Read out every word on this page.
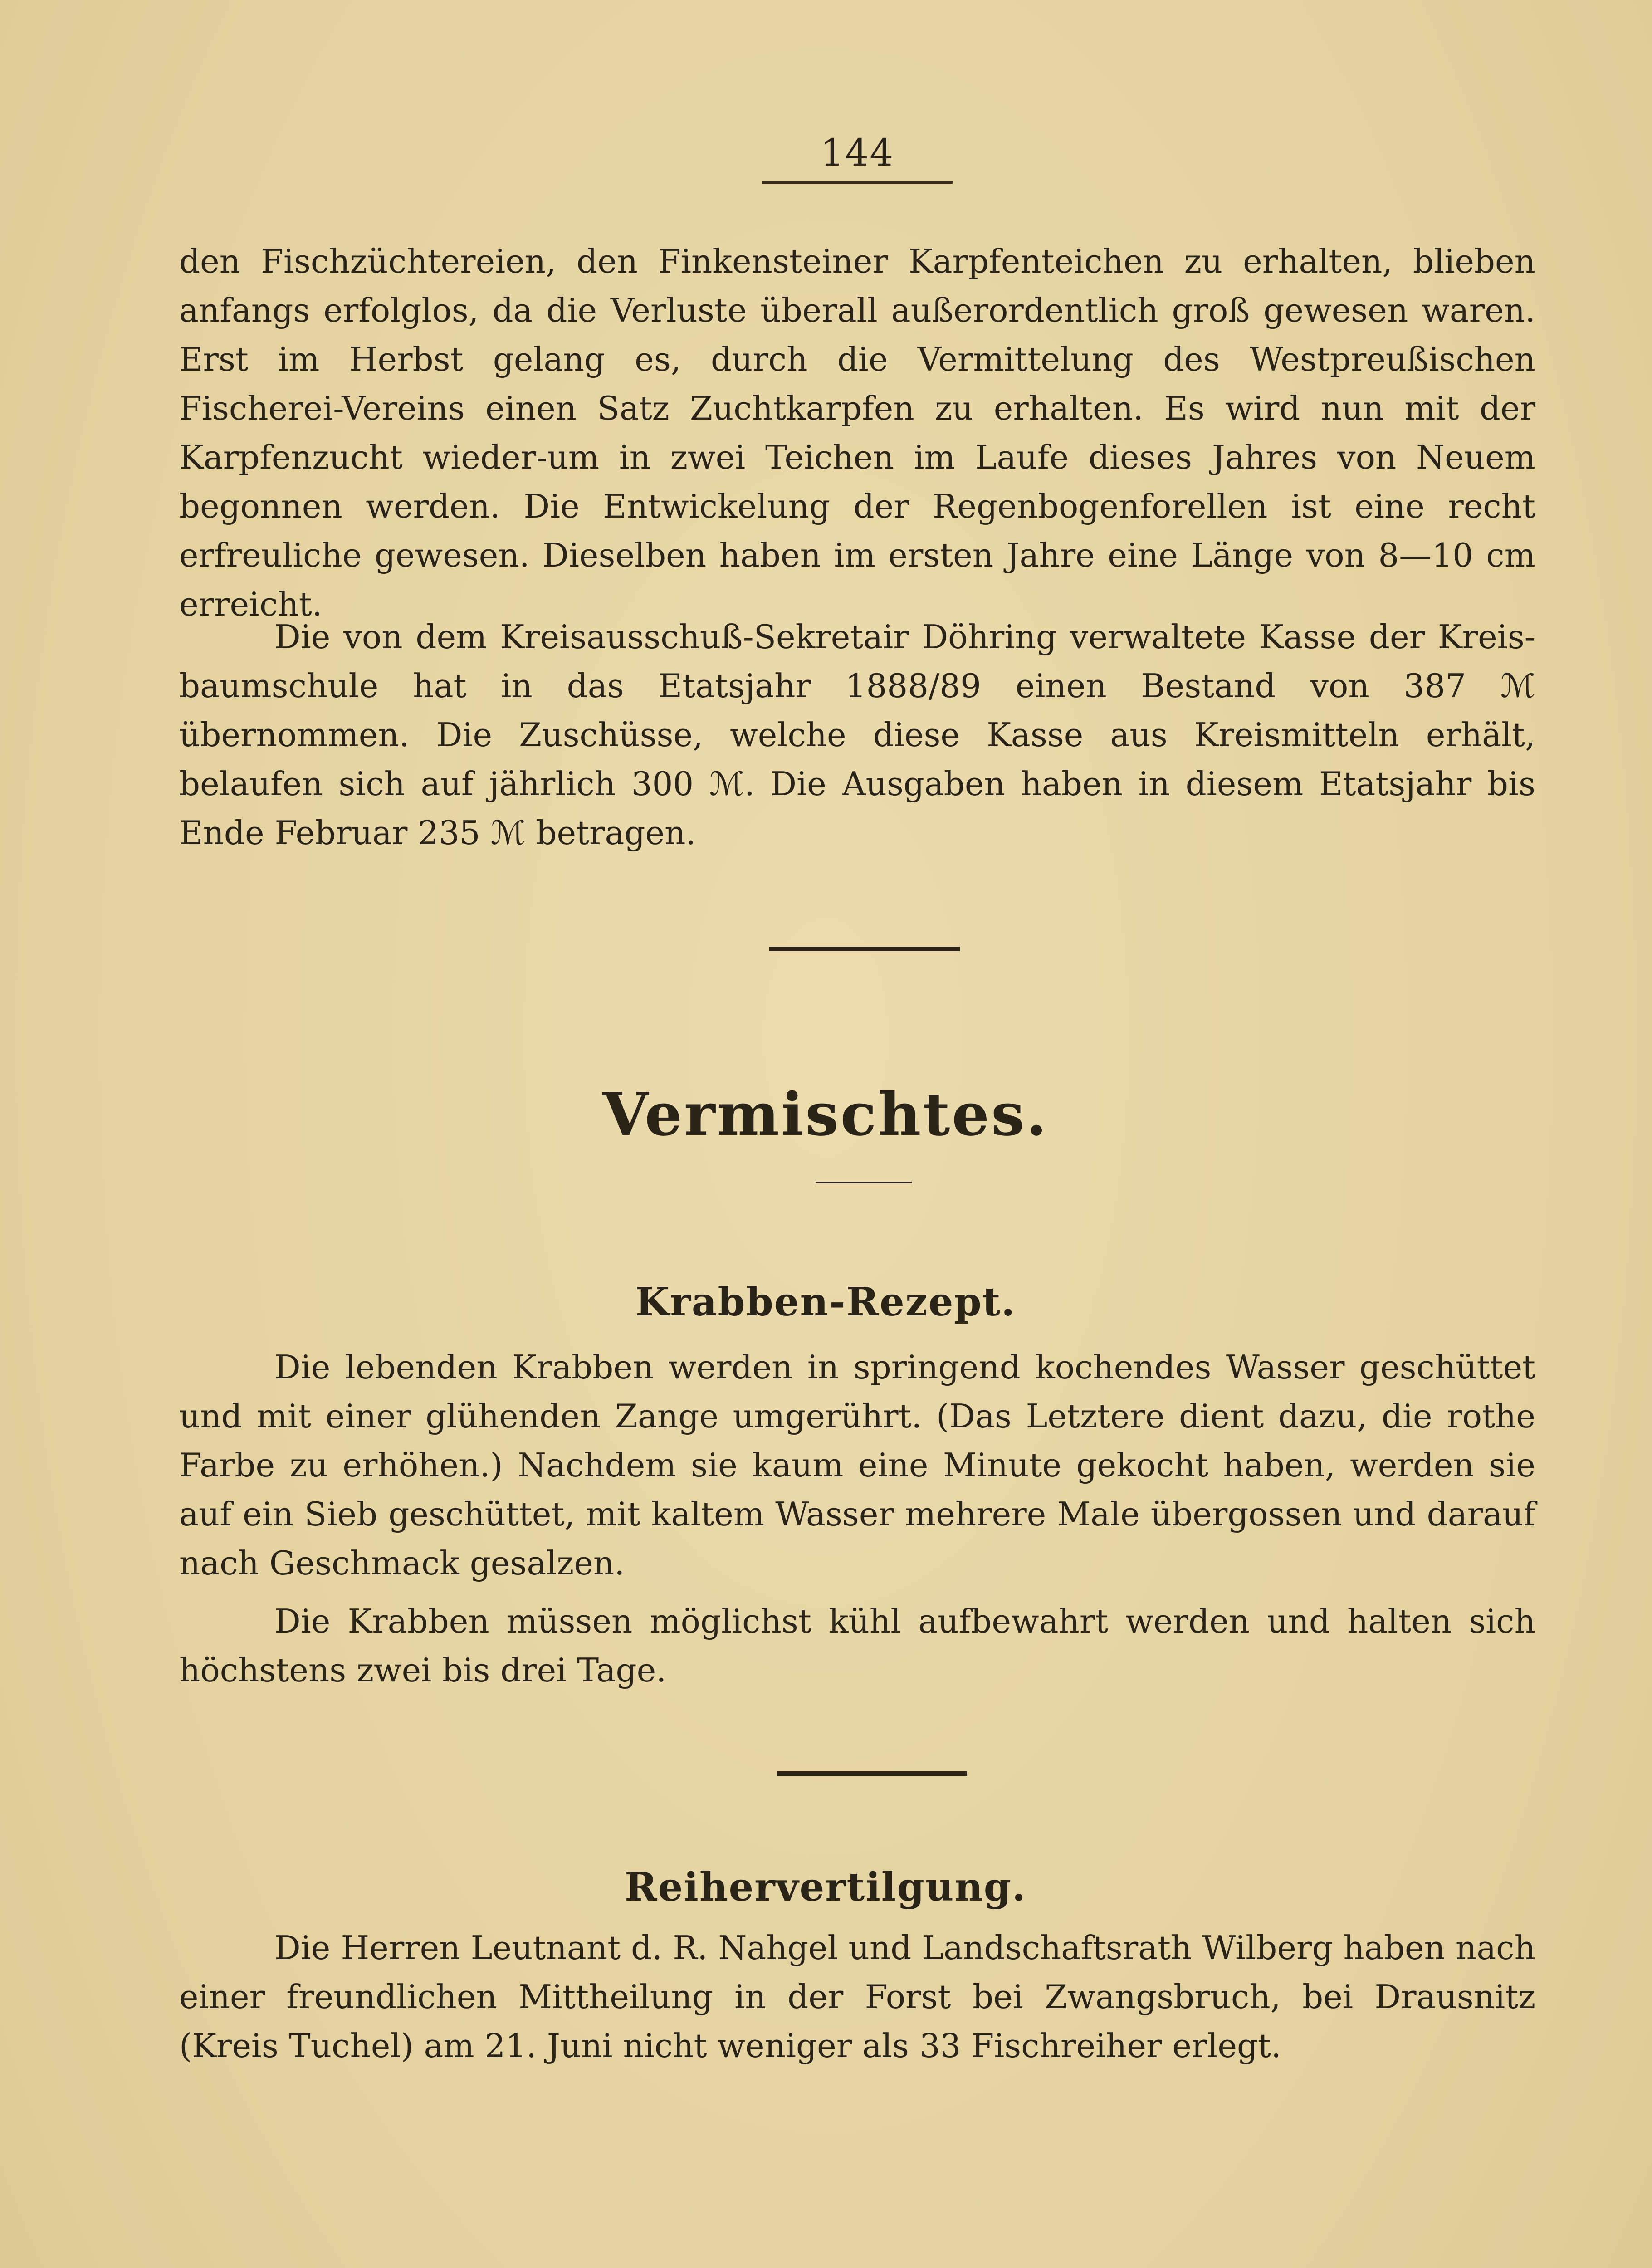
144

den Fischzüchtereien, den Finkensteiner Karpfenteichen zu erhalten, blieben anfangs erfolglos, da die Verluste überall außerordentlich groß gewesen waren. Erst im Herbst gelang es, durch die Vermittelung des Westpreußischen Fischerei-Vereins einen Satz Zuchtkarpfen zu erhalten. Es wird nun mit der Karpfenzucht wieder-um in zwei Teichen im Laufe dieses Jahres von Neuem begonnen werden. Die Entwickelung der Regenbogenforellen ist eine recht erfreuliche gewesen. Dieselben haben im ersten Jahre eine Länge von 8—10 cm erreicht.

Die von dem Kreisausschuß-Sekretair Döhring verwaltete Kasse der Kreis-baumschule hat in das Etatsjahr 1888/89 einen Bestand von 387 ℳ übernommen. Die Zuschüsse, welche diese Kasse aus Kreismitteln erhält, belaufen sich auf jährlich 300 ℳ. Die Ausgaben haben in diesem Etatsjahr bis Ende Februar 235 ℳ betragen.

Vermischtes.
Krabben-Rezept.

Die lebenden Krabben werden in springend kochendes Wasser geschüttet und mit einer glühenden Zange umgerührt. (Das Letztere dient dazu, die rothe Farbe zu erhöhen.) Nachdem sie kaum eine Minute gekocht haben, werden sie auf ein Sieb geschüttet, mit kaltem Wasser mehrere Male übergossen und darauf nach Geschmack gesalzen.

Die Krabben müssen möglichst kühl aufbewahrt werden und halten sich höchstens zwei bis drei Tage.

Reihervertilgung.

Die Herren Leutnant d. R. Nahgel und Landschaftsrath Wilberg haben nach einer freundlichen Mittheilung in der Forst bei Zwangsbruch, bei Drausnitz (Kreis Tuchel) am 21. Juni nicht weniger als 33 Fischreiher erlegt.
